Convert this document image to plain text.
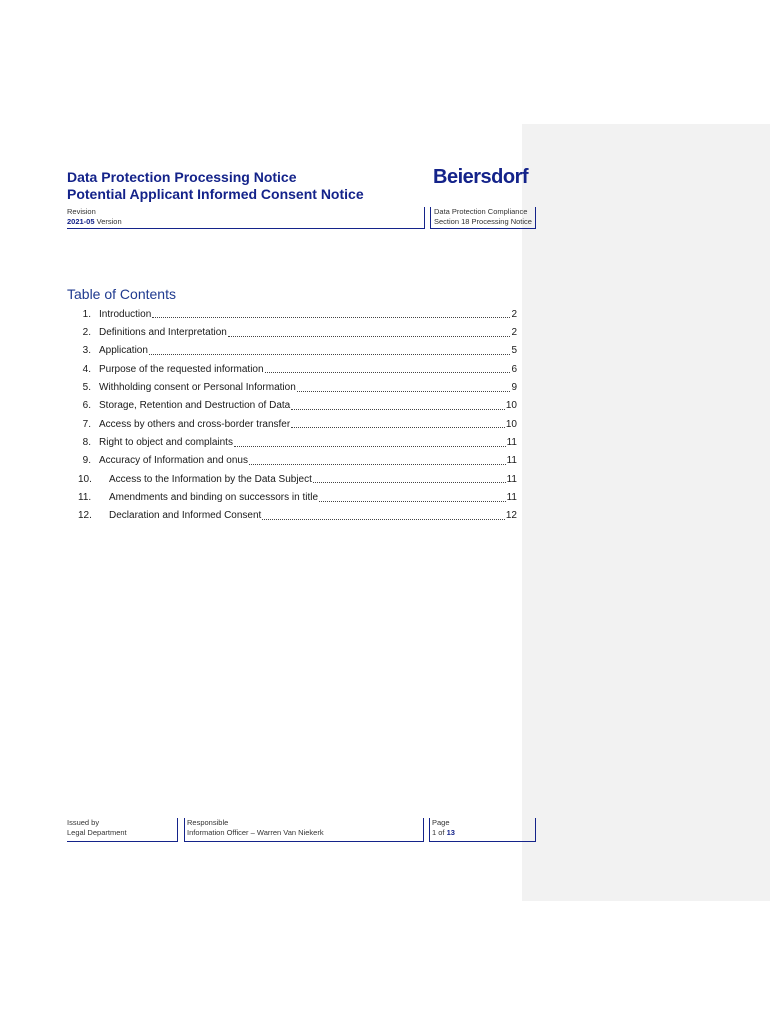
Data Protection Processing Notice
Potential Applicant Informed Consent Notice
Beiersdorf
Revision
2021-05 Version
Data Protection Compliance
Section 18 Processing Notice
Table of Contents
1. Introduction	2
2. Definitions and Interpretation	2
3. Application	5
4. Purpose of the requested information	6
5. Withholding consent or Personal Information	9
6. Storage, Retention and Destruction of Data	10
7. Access by others and cross-border transfer	10
8. Right to object and complaints	11
9. Accuracy of Information and onus	11
10. Access to the Information by the Data Subject	11
11. Amendments and binding on successors in title	11
12. Declaration and Informed Consent	12
Issued by
Legal Department
Responsible
Information Officer – Warren Van Niekerk
Page
1 of 13
